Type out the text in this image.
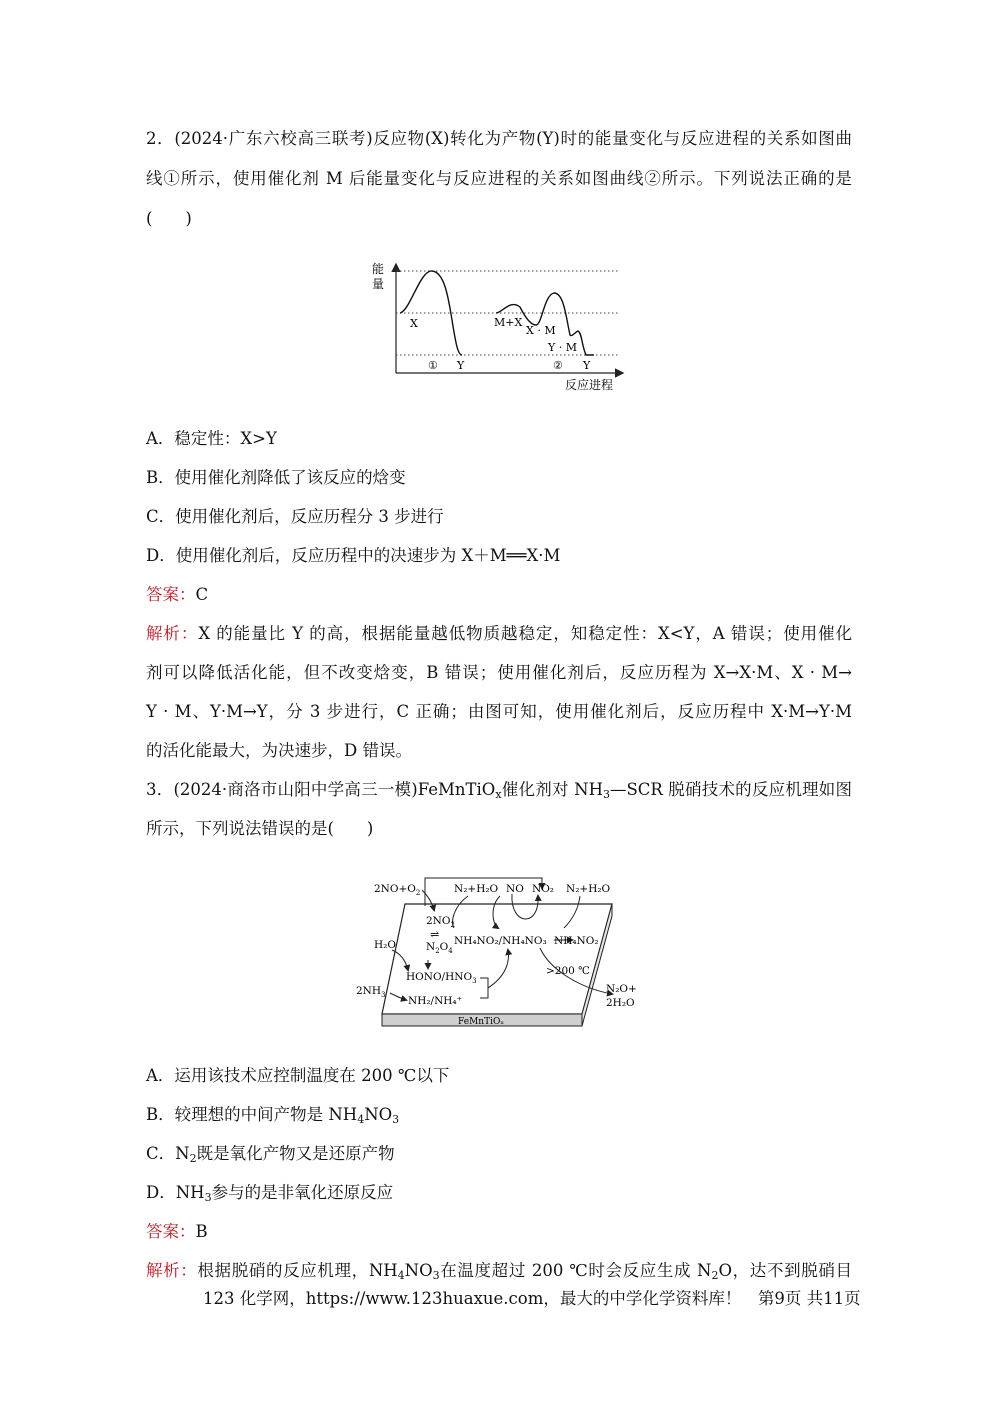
2．(2024·广东六校高三联考)反应物(X)转化为产物(Y)时的能量变化与反应进程的关系如图曲
线①所示，使用催化剂 M 后能量变化与反应进程的关系如图曲线②所示。下列说法正确的是
(　　)
能
量
X	M+X
X · M
Y · M
① Y	② Y
反应进程
A．稳定性：X>Y
B．使用催化剂降低了该反应的焓变
C．使用催化剂后，反应历程分 3 步进行
D．使用催化剂后，反应历程中的决速步为 X＋M══X·M
答案：C
解析：X 的能量比 Y 的高，根据能量越低物质越稳定，知稳定性：X<Y，A 错误；使用催化
剂可以降低活化能，但不改变焓变，B 错误；使用催化剂后，反应历程为 X→X·M、X · M→
Y · M、Y·M→Y，分 3 步进行，C 正确；由图可知，使用催化剂后，反应历程中 X·M→Y·M
的活化能最大，为决速步，D 错误。
3．(2024·商洛市山阳中学高三一模)FeMnTiO$_x$催化剂对 $NH_3—SCR$ 脱硝技术的反应机理如图
所示，下列说法错误的是(　　)
$2NO+O_2$
$2NO_2$
⇌
$N_2O_4$
H₂O
HONO/$HNO_3$
$2NH_3$ NH₂/NH₄⁺
N₂+H₂O NO NO₂ N₂+H₂O
NH₄NO₂/NH₄NO₃ NH₄NO₂
>200 ℃
N₂O+
2H₂O
FeMnTiOₓ
A．运用该技术应控制温度在 200 ℃以下
B．较理想的中间产物是 $NH_4NO_3$
C．$N_2$既是氧化产物又是还原产物
D．$NH_3$参与的是非氧化还原反应
答案：B
解析：根据脱硝的反应机理，$NH_4NO_3$在温度超过 200 ℃时会反应生成 $N_2O$，达不到脱硝目
123 化学网，https://www.123huaxue.com，最大的中学化学资料库！　第9页 共11页
